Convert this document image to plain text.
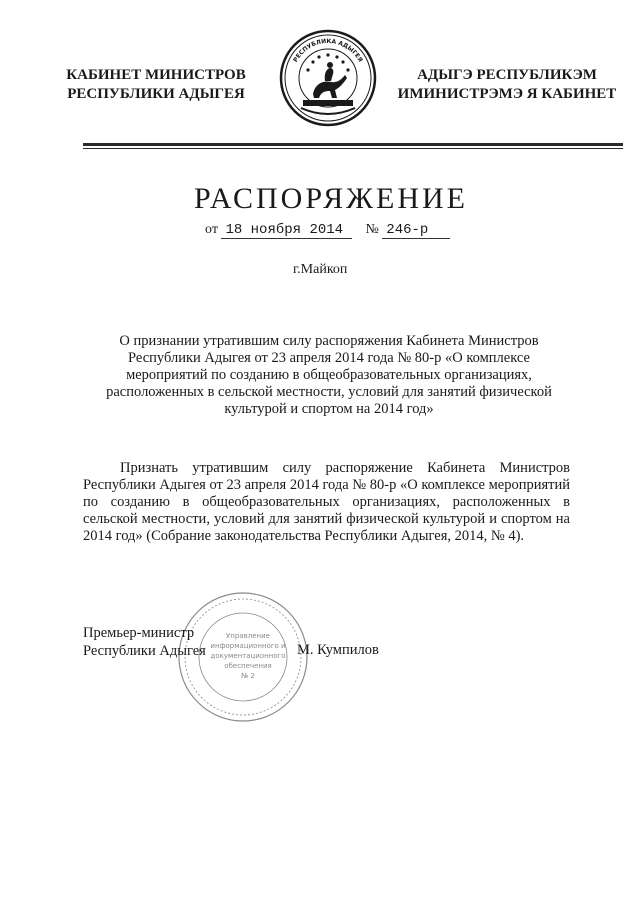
КАБИНЕТ МИНИСТРОВ
РЕСПУБЛИКИ АДЫГЕЯ
РЕСПУБЛИКА АДЫГЕЯ
АДЫГЭ РЕСПУБЛИКЭМ
ИМИНИСТРЭМЭ Я КАБИНЕТ
РАСПОРЯЖЕНИЕ
от 18 ноября 2014 № 246-р
г.Майкоп
О признании утратившим силу распоряжения Кабинета Министров Республики Адыгея от 23 апреля 2014 года № 80-р «О комплексе мероприятий по созданию в общеобразовательных организациях, расположенных в сельской местности, условий для занятий физической культурой и спортом на 2014 год»
Признать утратившим силу распоряжение Кабинета Министров Республики Адыгея от 23 апреля 2014 года № 80-р «О комплексе мероприятий по созданию в общеобразовательных организациях, расположенных в сельской местности, условий для занятий физической культурой и спортом на 2014 год» (Собрание законодательства Республики Адыгея, 2014, № 4).
Управление
информационного и
документационного
обеспечения
№ 2
Премьер-министр
Республики Адыгея	М. Кумпилов
